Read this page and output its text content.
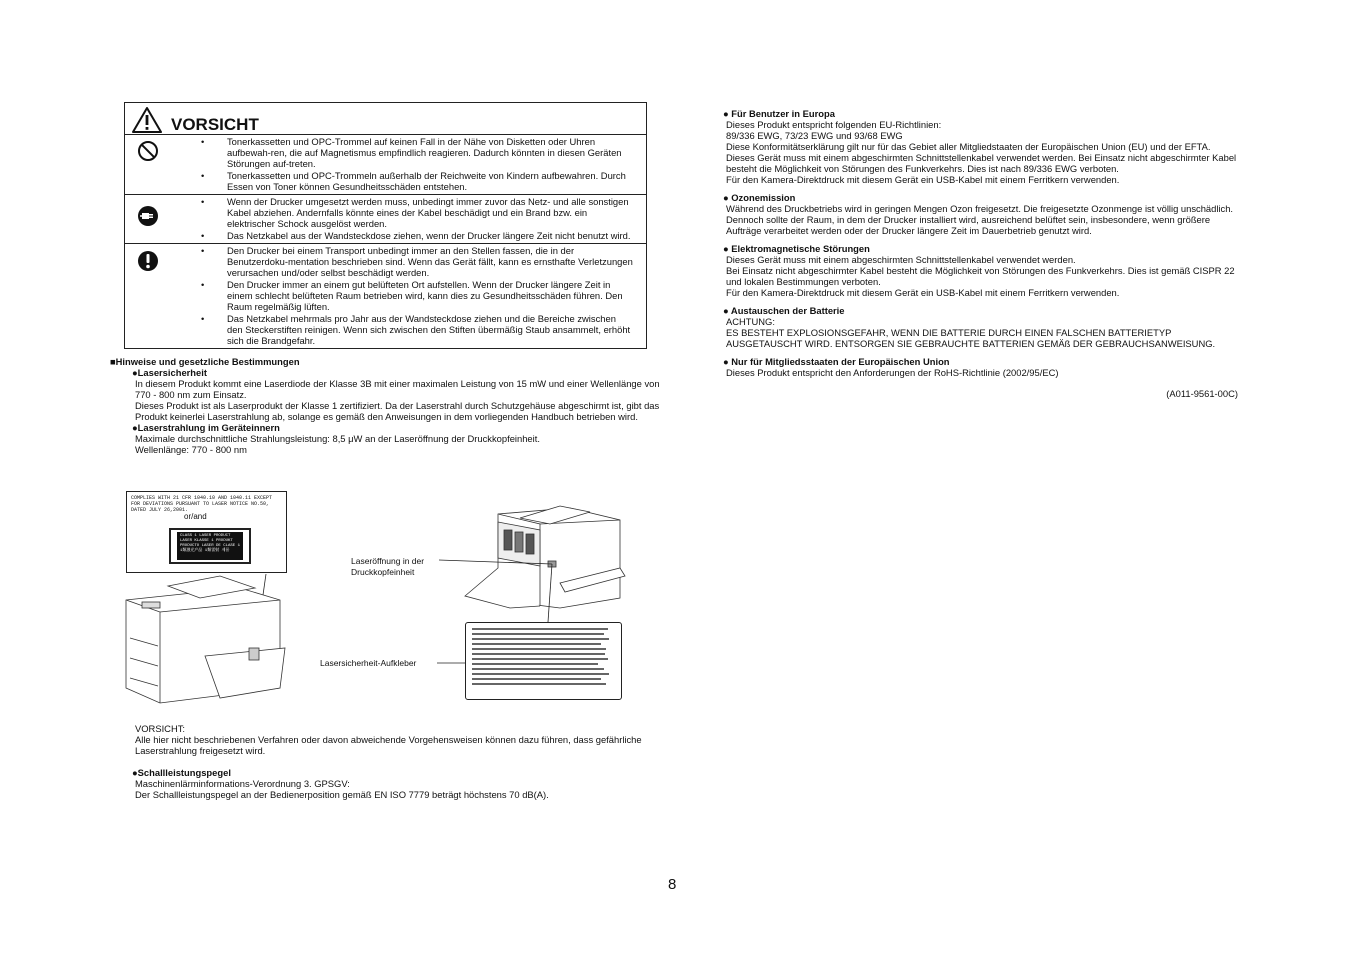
VORSICHT
• Tonerkassetten und OPC-Trommel auf keinen Fall in der Nähe von Disketten oder Uhren aufbewah-ren, die auf Magnetismus empfindlich reagieren. Dadurch könnten in diesen Geräten Störungen auf-treten.
• Tonerkassetten und OPC-Trommeln außerhalb der Reichweite von Kindern aufbewahren. Durch Essen von Toner können Gesundheitsschäden entstehen.
• Wenn der Drucker umgesetzt werden muss, unbedingt immer zuvor das Netz- und alle sonstigen Kabel abziehen. Andernfalls könnte eines der Kabel beschädigt und ein Brand bzw. ein elektrischer Schock ausgelöst werden.
• Das Netzkabel aus der Wandsteckdose ziehen, wenn der Drucker längere Zeit nicht benutzt wird.
• Den Drucker bei einem Transport unbedingt immer an den Stellen fassen, die in der Benutzerdoku-mentation beschrieben sind. Wenn das Gerät fällt, kann es ernsthafte Verletzungen verursachen und/oder selbst beschädigt werden.
• Den Drucker immer an einem gut belüfteten Ort aufstellen. Wenn der Drucker längere Zeit in einem schlecht belüfteten Raum betrieben wird, kann dies zu Gesundheitsschäden führen. Den Raum regelmäßig lüften.
• Das Netzkabel mehrmals pro Jahr aus der Wandsteckdose ziehen und die Bereiche zwischen den Steckerstiften reinigen. Wenn sich zwischen den Stiften übermäßig Staub ansammelt, erhöht sich die Brandgefahr.
■Hinweise und gesetzliche Bestimmungen
●Lasersicherheit
In diesem Produkt kommt eine Laserdiode der Klasse 3B mit einer maximalen Leistung von 15 mW und einer Wellenlänge von 770 - 800 nm zum Einsatz.
Dieses Produkt ist als Laserprodukt der Klasse 1 zertifiziert. Da der Laserstrahl durch Schutzgehäuse abgeschirmt ist, gibt das Produkt keinerlei Laserstrahlung ab, solange es gemäß den Anweisungen in dem vorliegenden Handbuch betrieben wird.
●Laserstrahlung im Geräteinnern
Maximale durchschnittliche Strahlungsleistung: 8,5 μW an der Laseröffnung der Druckkopfeinheit.
Wellenlänge: 770 - 800 nm
COMPLIES WITH 21 CFR 1040.10 AND 1040.11 EXCEPT FOR DEVIATIONS PURSUANT TO LASER NOTICE NO.50, DATED JULY 26,2001.
or/and
CLASS 1 LASER PRODUCT LASER KLASSE 1 PRODUKT PRODUCTO LASER DE CLASE 1 1類激光产品 1類雷射 제품
Laseröffnung in der Druckkopfeinheit
Lasersicherheit-Aufkleber
VORSICHT:
Alle hier nicht beschriebenen Verfahren oder davon abweichende Vorgehensweisen können dazu führen, dass gefährliche Laserstrahlung freigesetzt wird.
●Schallleistungspegel
Maschinenlärminformations-Verordnung 3. GPSGV:
Der Schallleistungspegel an der Bedienerposition gemäß EN ISO 7779 beträgt höchstens 70 dB(A).
● Für Benutzer in Europa

Dieses Produkt entspricht folgenden EU-Richtlinien:

89/336 EWG, 73/23 EWG und 93/68 EWG

Diese Konformitätserklärung gilt nur für das Gebiet aller Mitgliedstaaten der Europäischen Union (EU) und der EFTA.

Dieses Gerät muss mit einem abgeschirmten Schnittstellenkabel verwendet werden. Bei Einsatz nicht abgeschirmter Kabel besteht die Möglichkeit von Störungen des Funkverkehrs. Dies ist nach 89/336 EWG verboten.

Für den Kamera-Direktdruck mit diesem Gerät ein USB-Kabel mit einem Ferritkern verwenden.

● Ozonemission

Während des Druckbetriebs wird in geringen Mengen Ozon freigesetzt. Die freigesetzte Ozonmenge ist völlig unschädlich. Dennoch sollte der Raum, in dem der Drucker installiert wird, ausreichend belüftet sein, insbesondere, wenn größere Aufträge verarbeitet werden oder der Drucker längere Zeit im Dauerbetrieb genutzt wird.

● Elektromagnetische Störungen

Dieses Gerät muss mit einem abgeschirmten Schnittstellenkabel verwendet werden.

Bei Einsatz nicht abgeschirmter Kabel besteht die Möglichkeit von Störungen des Funkverkehrs. Dies ist gemäß CISPR 22 und lokalen Bestimmungen verboten.

Für den Kamera-Direktdruck mit diesem Gerät ein USB-Kabel mit einem Ferritkern verwenden.

● Austauschen der Batterie

ACHTUNG:

ES BESTEHT EXPLOSIONSGEFAHR, WENN DIE BATTERIE DURCH EINEN FALSCHEN BATTERIETYP AUSGETAUSCHT WIRD. ENTSORGEN SIE GEBRAUCHTE BATTERIEN GEMÄß DER GEBRAUCHSANWEISUNG.

● Nur für Mitgliedsstaaten der Europäischen Union

Dieses Produkt entspricht den Anforderungen der RoHS-Richtlinie (2002/95/EC)

(A011-9561-00C)
8
